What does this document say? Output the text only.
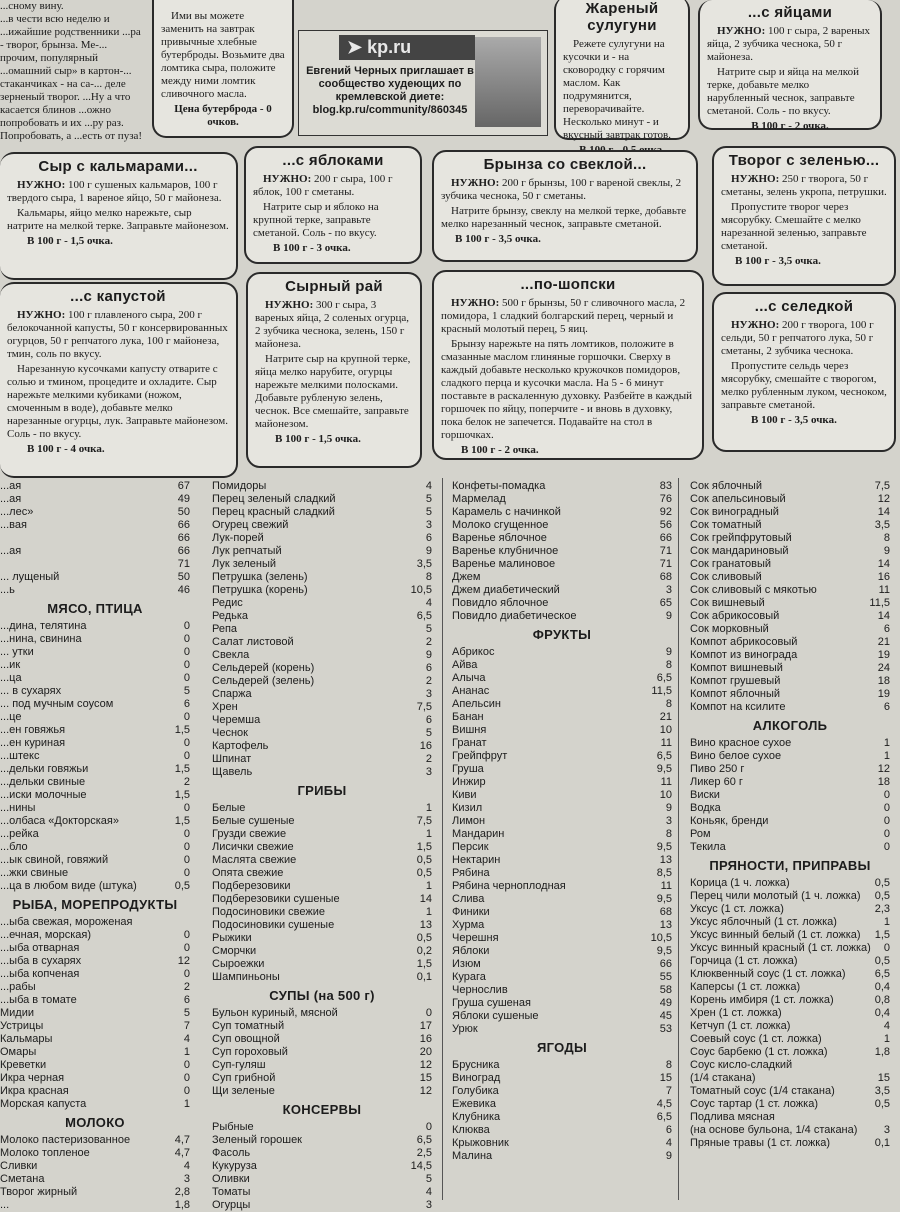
...сному вину.
...в чести всю неделю и ...ижайшие родственники ...ра - творог, брынза. Ме-... прочим, популярный ...омашний сыр» в картон-... стаканчиках - на са-... деле зерненый творог. ...Ну а что касается блинов ...ожно попробовать и их ...ру раз. Попробовать, а ...есть от пуза!

Ими вы можете заменить на завтрак привычные хлебные бутерброды. Возьмите два ломтика сыра, положите между ними ломтик сливочного масла.

Цена бутерброда - 0 очков.

➤ kp.ru
Евгений Черных приглашает в сообщество худеющих по кремлевской диете: blog.kp.ru/community/860345
Жареный сулугуни

Режете сулугуни на кусочки и - на сковородку с горячим маслом. Как подрумянится, переворачивайте. Несколько минут - и вкусный завтрак готов.

...с яйцами

НУЖНО: 100 г сыра, 2 вареных яйца, 2 зубчика чеснока, 50 г майонеза.

Натрите сыр и яйца на мелкой терке, добавьте мелко нарубленный чеснок, заправьте сметаной. Соль - по вкусу.

В 100 г - 2 очка.
Сыр с кальмарами...

НУЖНО: 100 г сушеных кальмаров, 100 г твердого сыра, 1 вареное яйцо, 50 г майонеза.

Кальмары, яйцо мелко нарежьте, сыр натрите на мелкой терке. Заправьте майонезом.

В 100 г - 1,5 очка.
...с яблоками

НУЖНО: 200 г сыра, 100 г яблок, 100 г сметаны.

Натрите сыр и яблоко на крупной терке, заправьте сметаной. Соль - по вкусу.

В 100 г - 3 очка.
Брынза со свеклой...

НУЖНО: 200 г брынзы, 100 г вареной свеклы, 2 зубчика чеснока, 50 г сметаны.

Натрите брынзу, свеклу на мелкой терке, добавьте мелко нарезанный чеснок, заправьте сметаной.

В 100 г - 3,5 очка.
Творог с зеленью...

НУЖНО: 250 г творога, 50 г сметаны, зелень укропа, петрушки.

Пропустите творог через мясорубку. Смешайте с мелко нарезанной зеленью, заправьте сметаной.

В 100 г - 3,5 очка.
...с капустой

НУЖНО: 100 г плавленого сыра, 200 г белокочанной капусты, 50 г консервированных огурцов, 50 г репчатого лука, 100 г майонеза, тмин, соль по вкусу.

Нарезанную кусочками капусту отварите с солью и тмином, процедите и охладите. Сыр нарежьте мелкими кубиками (ножом, смоченным в воде), добавьте мелко нарезанные огурцы, лук. Заправьте майонезом. Соль - по вкусу.

В 100 г - 4 очка.
Сырный рай

НУЖНО: 300 г сыра, 3 вареных яйца, 2 соленых огурца, 2 зубчика чеснока, зелень, 150 г майонеза.

Натрите сыр на крупной терке, яйца мелко нарубите, огурцы нарежьте мелкими полосками. Добавьте рубленую зелень, чеснок. Все смешайте, заправьте майонезом.

В 100 г - 1,5 очка.
...по-шопски

НУЖНО: 500 г брынзы, 50 г сливочного масла, 2 помидора, 1 сладкий болгарский перец, черный и красный молотый перец, 5 яиц.

Брынзу нарежьте на пять ломтиков, положите в смазанные маслом глиняные горшочки. Сверху в каждый добавьте несколько кружочков помидоров, сладкого перца и кусочки масла. На 5 - 6 минут поставьте в раскаленную духовку. Разбейте в каждый горшочек по яйцу, поперчите - и вновь в духовку, пока белок не запечется. Подавайте на стол в горшочках.

В 100 г - 2 очка.
...с селедкой

НУЖНО: 200 г творога, 100 г сельди, 50 г репчатого лука, 50 г сметаны, 2 зубчика чеснока.

Пропустите сельдь через мясорубку, смешайте с творогом, мелко рубленным луком, чесноком, заправьте сметаной.

В 100 г - 3,5 очка.
...ая	67
...ая	49
...лес»	50
...вая	66
66
...ая	66
71
... лущеный	50
...ь	46
МЯСО, ПТИЦА
...дина, телятина	0
...нина, свинина	0
... утки	0
...ик	0
...ца	0
... в сухарях	5
... под мучным соусом	6
...це	0
...ен говяжья	1,5
...ен куриная	0
...штекс	0
...дельки говяжьи	1,5
...дельки свиные	2
...иски молочные	1,5
...нины	0
...олбаса «Докторская»	1,5
...рейка	0
...бло	0
...ык свиной, говяжий	0
...жки свиные	0
...ца в любом виде (штука)	0,5
РЫБА, МОРЕПРОДУКТЫ
...ыба свежая, мороженая
...ечная, морская)	0
...ыба отварная	0
...ыба в сухарях	12
...ыба копченая	0
...рабы	2
...ыба в томате	6
Мидии	5
Устрицы	7
Кальмары	4
Омары	1
Креветки	0
Икра черная	0
Икра красная	0
Морская капуста	1
МОЛОКО
Молоко пастеризованное	4,7
Молоко топленое	4,7
Сливки	4
Сметана	3
Творог жирный	2,8
...	1,8
Помидоры	4
Перец зеленый сладкий	5
Перец красный сладкий	5
Огурец свежий	3
Лук-порей	6
Лук репчатый	9
Лук зеленый	3,5
Петрушка (зелень)	8
Петрушка (корень)	10,5
Редис	4
Редька	6,5
Репа	5
Салат листовой	2
Свекла	9
Сельдерей (корень)	6
Сельдерей (зелень)	2
Спаржа	3
Хрен	7,5
Черемша	6
Чеснок	5
Картофель	16
Шпинат	2
Щавель	3
ГРИБЫ
Белые	1
Белые сушеные	7,5
Грузди свежие	1
Лисички свежие	1,5
Маслята свежие	0,5
Опята свежие	0,5
Подберезовики	1
Подберезовики сушеные	14
Подосиновики свежие	1
Подосиновики сушеные	13
Рыжики	0,5
Сморчки	0,2
Сыроежки	1,5
Шампиньоны	0,1
СУПЫ (на 500 г)
Бульон куриный, мясной	0
Суп томатный	17
Суп овощной	16
Суп гороховый	20
Суп-гуляш	12
Суп грибной	15
Щи зеленые	12
КОНСЕРВЫ
Рыбные	0
Зеленый горошек	6,5
Фасоль	2,5
Кукуруза	14,5
Оливки	5
Томаты	4
Огурцы	3
Конфеты-помадка	83
Мармелад	76
Карамель с начинкой	92
Молоко сгущенное	56
Варенье яблочное	66
Варенье клубничное	71
Варенье малиновое	71
Джем	68
Джем диабетический	3
Повидло яблочное	65
Повидло диабетическое	9
ФРУКТЫ
Абрикос	9
Айва	8
Алыча	6,5
Ананас	11,5
Апельсин	8
Банан	21
Вишня	10
Гранат	11
Грейпфрут	6,5
Груша	9,5
Инжир	11
Киви	10
Кизил	9
Лимон	3
Мандарин	8
Персик	9,5
Нектарин	13
Рябина	8,5
Рябина черноплодная	11
Слива	9,5
Финики	68
Хурма	13
Черешня	10,5
Яблоки	9,5
Изюм	66
Курага	55
Чернослив	58
Груша сушеная	49
Яблоки сушеные	45
Урюк	53
ЯГОДЫ
Брусника	8
Виноград	15
Голубика	7
Ежевика	4,5
Клубника	6,5
Клюква	6
Крыжовник	4
Малина	9
Сок яблочный	7,5
Сок апельсиновый	12
Сок виноградный	14
Сок томатный	3,5
Сок грейпфрутовый	8
Сок мандариновый	9
Сок гранатовый	14
Сок сливовый	16
Сок сливовый с мякотью	11
Сок вишневый	11,5
Сок абрикосовый	14
Сок морковный	6
Компот абрикосовый	21
Компот из винограда	19
Компот вишневый	24
Компот грушевый	18
Компот яблочный	19
Компот на ксилите	6
АЛКОГОЛЬ
Вино красное сухое	1
Вино белое сухое	1
Пиво 250 г	12
Ликер 60 г	18
Виски	0
Водка	0
Коньяк, бренди	0
Ром	0
Текила	0
ПРЯНОСТИ, ПРИПРАВЫ
Корица (1 ч. ложка)	0,5
Перец чили молотый (1 ч. ложка)	0,5
Уксус (1 ст. ложка)	2,3
Уксус яблочный (1 ст. ложка)	1
Уксус винный белый (1 ст. ложка)	1,5
Уксус винный красный (1 ст. ложка)	0
Горчица (1 ст. ложка)	0,5
Клюквенный соус (1 ст. ложка)	6,5
Каперсы (1 ст. ложка)	0,4
Корень имбиря (1 ст. ложка)	0,8
Хрен (1 ст. ложка)	0,4
Кетчуп (1 ст. ложка)	4
Соевый соус (1 ст. ложка)	1
Соус барбекю (1 ст. ложка)	1,8
Соус кисло-сладкий
(1/4 стакана)	15
Томатный соус (1/4 стакана)	3,5
Соус тартар (1 ст. ложка)	0,5
Подлива мясная
(на основе бульона, 1/4 стакана)	3
Пряные травы (1 ст. ложка)	0,1
